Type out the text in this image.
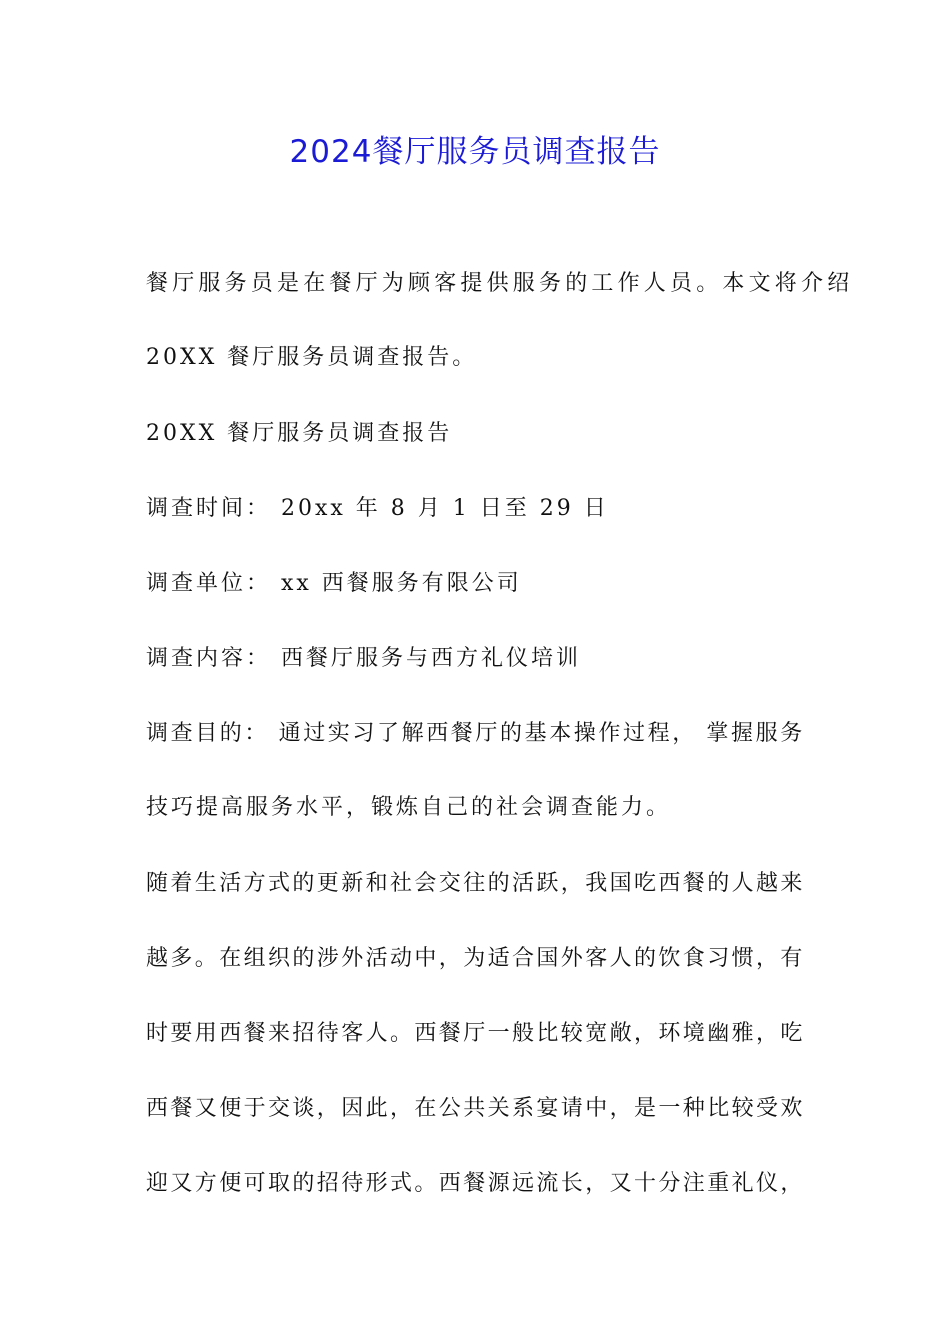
2024餐厅服务员调查报告
餐厅服务员是在餐厅为顾客提供服务的工作人员。本文将介绍
20XX 餐厅服务员调查报告。
20XX 餐厅服务员调查报告
调查时间： 20xx 年 8 月 1 日至 29 日
调查单位： xx 西餐服务有限公司
调查内容： 西餐厅服务与西方礼仪培训
调查目的： 通过实习了解西餐厅的基本操作过程， 掌握服务
技巧提高服务水平，锻炼自己的社会调查能力。
随着生活方式的更新和社会交往的活跃，我国吃西餐的人越来
越多。在组织的涉外活动中，为适合国外客人的饮食习惯，有
时要用西餐来招待客人。西餐厅一般比较宽敞，环境幽雅，吃
西餐又便于交谈，因此，在公共关系宴请中，是一种比较受欢
迎又方便可取的招待形式。西餐源远流长，又十分注重礼仪，
